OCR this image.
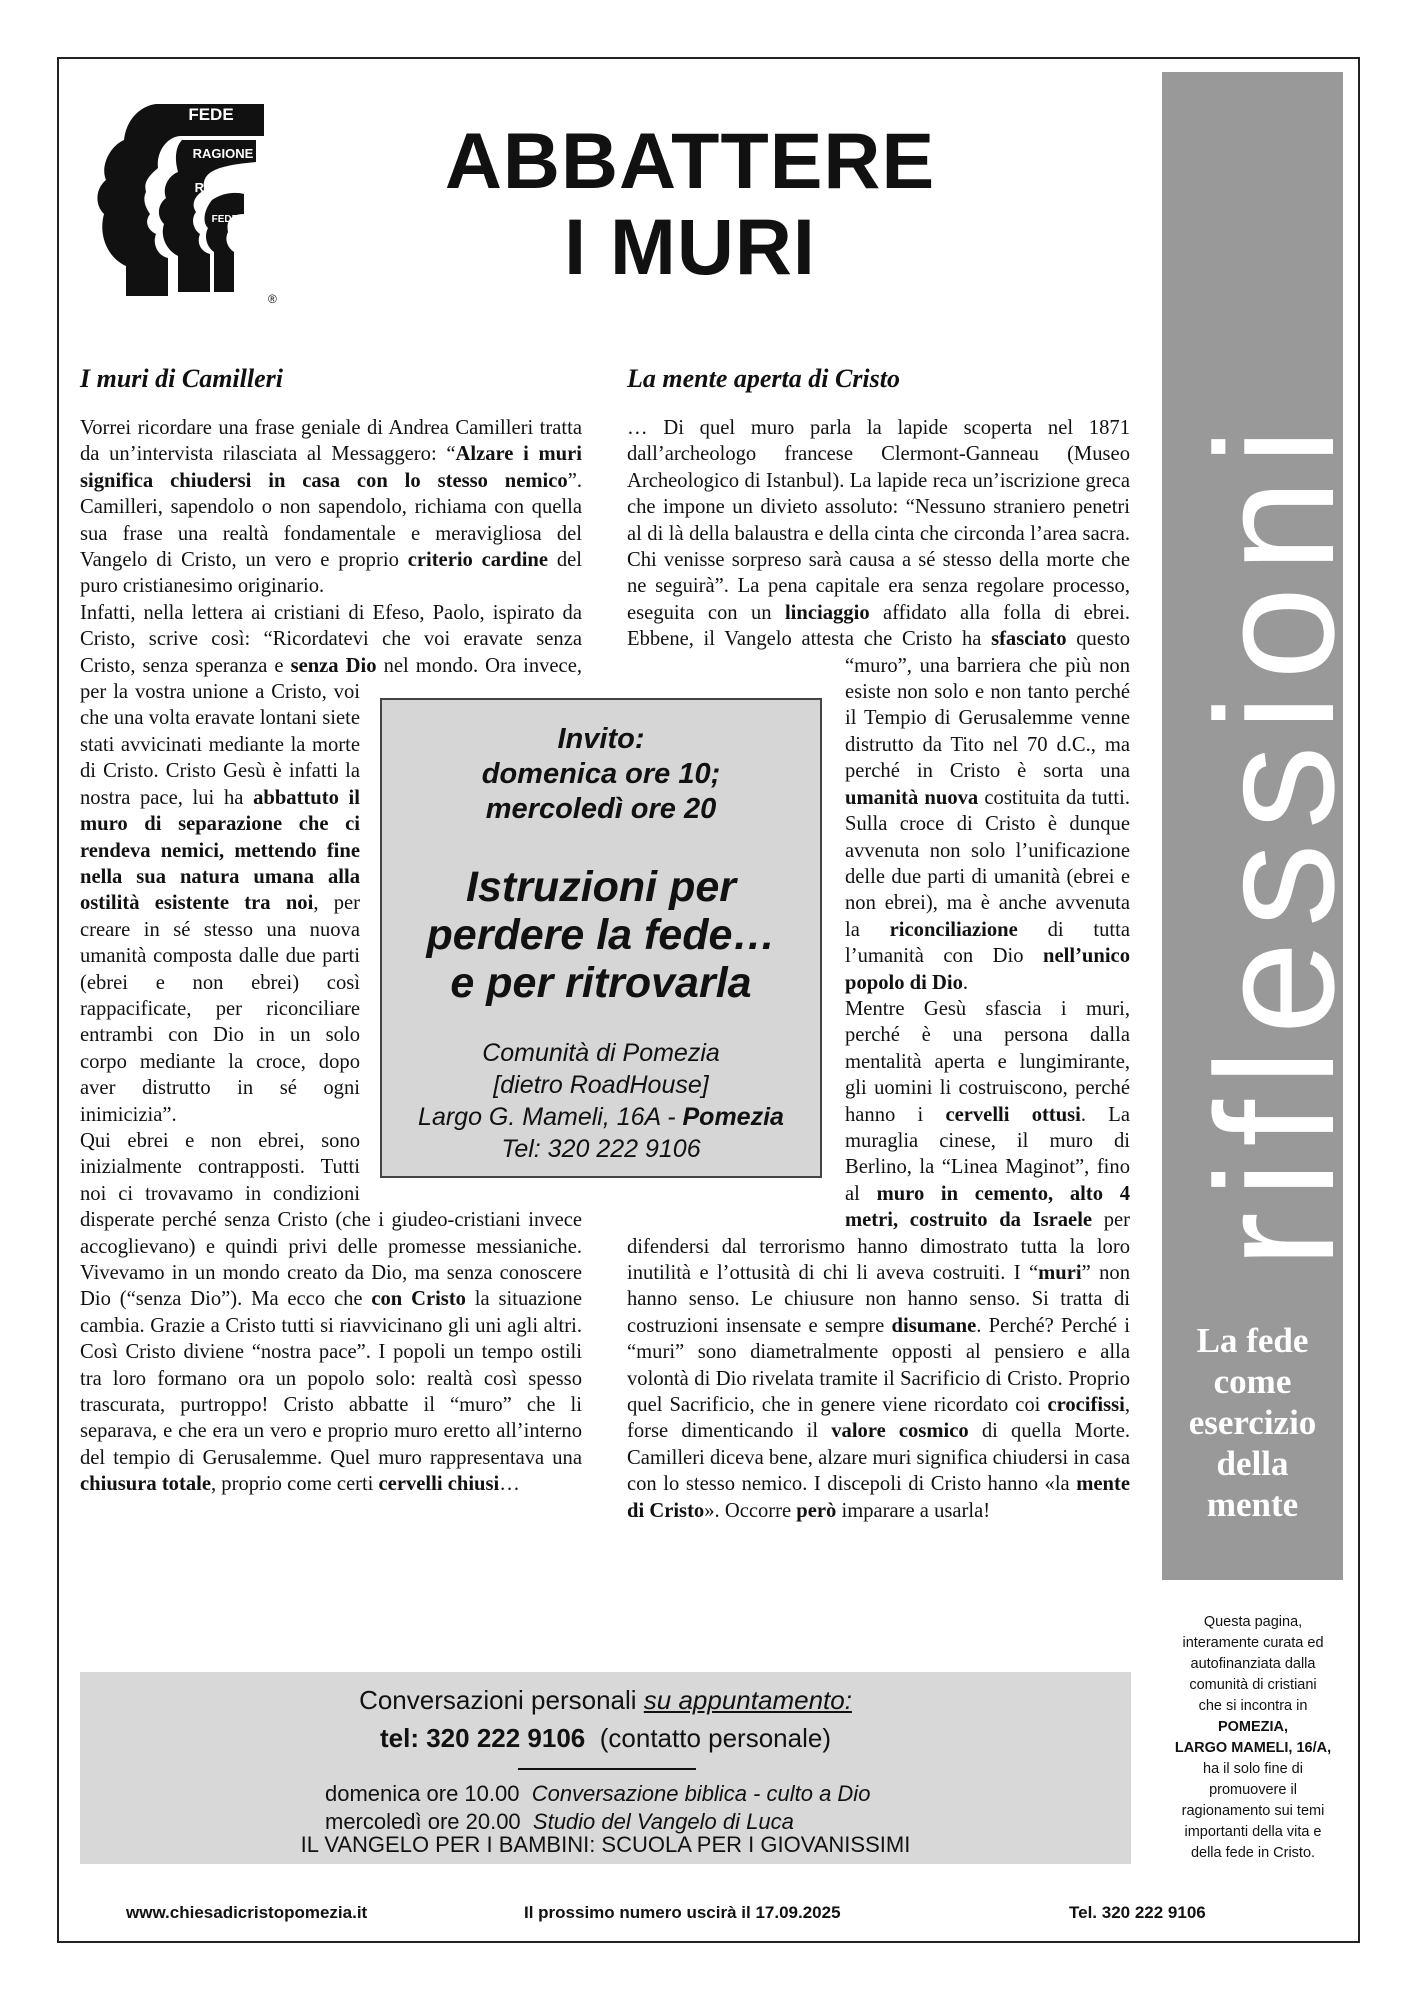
FEDE
RAGIONE
RAGIONE
FEDE
®
ABBATTERE
I MURI
riflessioni
La fede
come
esercizio
della
mente
Questa pagina,
interamente curata ed
autofinanziata dalla
comunità di cristiani
che si incontra in
POMEZIA,
LARGO MAMELI, 16/A,
ha il solo fine di
promuovere il
ragionamento sui temi
importanti della vita e
della fede in Cristo.
I muri di Camilleri

Vorrei ricordare una frase geniale di Andrea Camilleri tratta da un’intervista rilasciata al Messaggero: “Alzare i muri significa chiudersi in casa con lo stesso nemico”. Camilleri, sapendolo o non sapendolo, richiama con quella sua frase una realtà fondamentale e meravigliosa del Vangelo di Cristo, un vero e proprio criterio cardine del puro cristianesimo originario.

Infatti, nella lettera ai cristiani di Efeso, Paolo, ispirato da Cristo, scrive così: “Ricordatevi che voi eravate senza Cristo, senza speranza e senza Dio nel mondo. Ora invece, per la vostra unione a Cristo, voi che una volta eravate lontani siete stati avvicinati mediante la morte di Cristo. Cristo Gesù è infatti la nostra pace, lui ha abbattuto il muro di separazione che ci rendeva nemici, mettendo fine nella sua natura umana alla ostilità esistente tra noi, per creare in sé stesso una nuova umanità composta dalle due parti (ebrei e non ebrei) così rappacificate, per riconciliare entrambi con Dio in un solo corpo mediante la croce, dopo aver distrutto in sé ogni inimicizia”.

Qui ebrei e non ebrei, sono inizialmente contrapposti. Tutti noi ci trovavamo in condizioni disperate perché senza Cristo (che i giudeo-cristiani invece accoglievano) e quindi privi delle promesse messianiche. Vivevamo in un mondo creato da Dio, ma senza conoscere Dio (“senza Dio”). Ma ecco che con Cristo la situazione cambia. Grazie a Cristo tutti si riavvicinano gli uni agli altri. Così Cristo diviene “nostra pace”. I popoli un tempo ostili tra loro formano ora un popolo solo: realtà così spesso trascurata, purtroppo! Cristo abbatte il “muro” che li separava, e che era un vero e proprio muro eretto all’interno del tempio di Gerusalemme. Quel muro rappresentava una chiusura totale, proprio come certi cervelli chiusi…

La mente aperta di Cristo

… Di quel muro parla la lapide scoperta nel 1871 dall’archeologo francese Clermont-Ganneau (Museo Archeologico di Istanbul). La lapide reca un’iscrizione greca che impone un divieto assoluto: “Nessuno straniero penetri al di là della balaustra e della cinta che circonda l’area sacra. Chi venisse sorpreso sarà causa a sé stesso della morte che ne seguirà”. La pena capitale era senza regolare processo, eseguita con un linciaggio affidato alla folla di ebrei. Ebbene, il Vangelo attesta che Cristo ha sfasciato questo “muro”, una barriera che più non esiste non solo e non tanto perché il Tempio di Gerusalemme venne distrutto da Tito nel 70 d.C., ma perché in Cristo è sorta una umanità nuova costituita da tutti. Sulla croce di Cristo è dunque avvenuta non solo l’unificazione delle due parti di umanità (ebrei e non ebrei), ma è anche avvenuta la riconciliazione di tutta l’umanità con Dio nell’unico popolo di Dio.

Mentre Gesù sfascia i muri, perché è una persona dalla mentalità aperta e lungimirante, gli uomini li costruiscono, perché hanno i cervelli ottusi. La muraglia cinese, il muro di Berlino, la “Linea Maginot”, fino al muro in cemento, alto 4 metri, costruito da Israele per difendersi dal terrorismo hanno dimostrato tutta la loro inutilità e l’ottusità di chi li aveva costruiti. I “muri” non hanno senso. Le chiusure non hanno senso. Si tratta di costruzioni insensate e sempre disumane. Perché? Perché i “muri” sono diametralmente opposti al pensiero e alla volontà di Dio rivelata tramite il Sacrificio di Cristo. Proprio quel Sacrificio, che in genere viene ricordato coi crocifissi, forse dimenticando il valore cosmico di quella Morte. Camilleri diceva bene, alzare muri significa chiudersi in casa con lo stesso nemico. I discepoli di Cristo hanno «la mente di Cristo». Occorre però imparare a usarla!

Invito:
domenica ore 10;
mercoledì ore 20
Istruzioni per
perdere la fede…
e per ritrovarla
Comunità di Pomezia
[dietro RoadHouse]
Largo G. Mameli, 16A - Pomezia
Tel: 320 222 9106
Conversazioni personali su appuntamento:
tel: 320 222 9106 (contatto personale)
domenica ore 10.00 Conversazione biblica - culto a Dio
mercoledì ore 20.00 Studio del Vangelo di Luca
IL VANGELO PER I BAMBINI: SCUOLA PER I GIOVANISSIMI
www.chiesadicristopomezia.it	Il prossimo numero uscirà il 17.09.2025	Tel. 320 222 9106
